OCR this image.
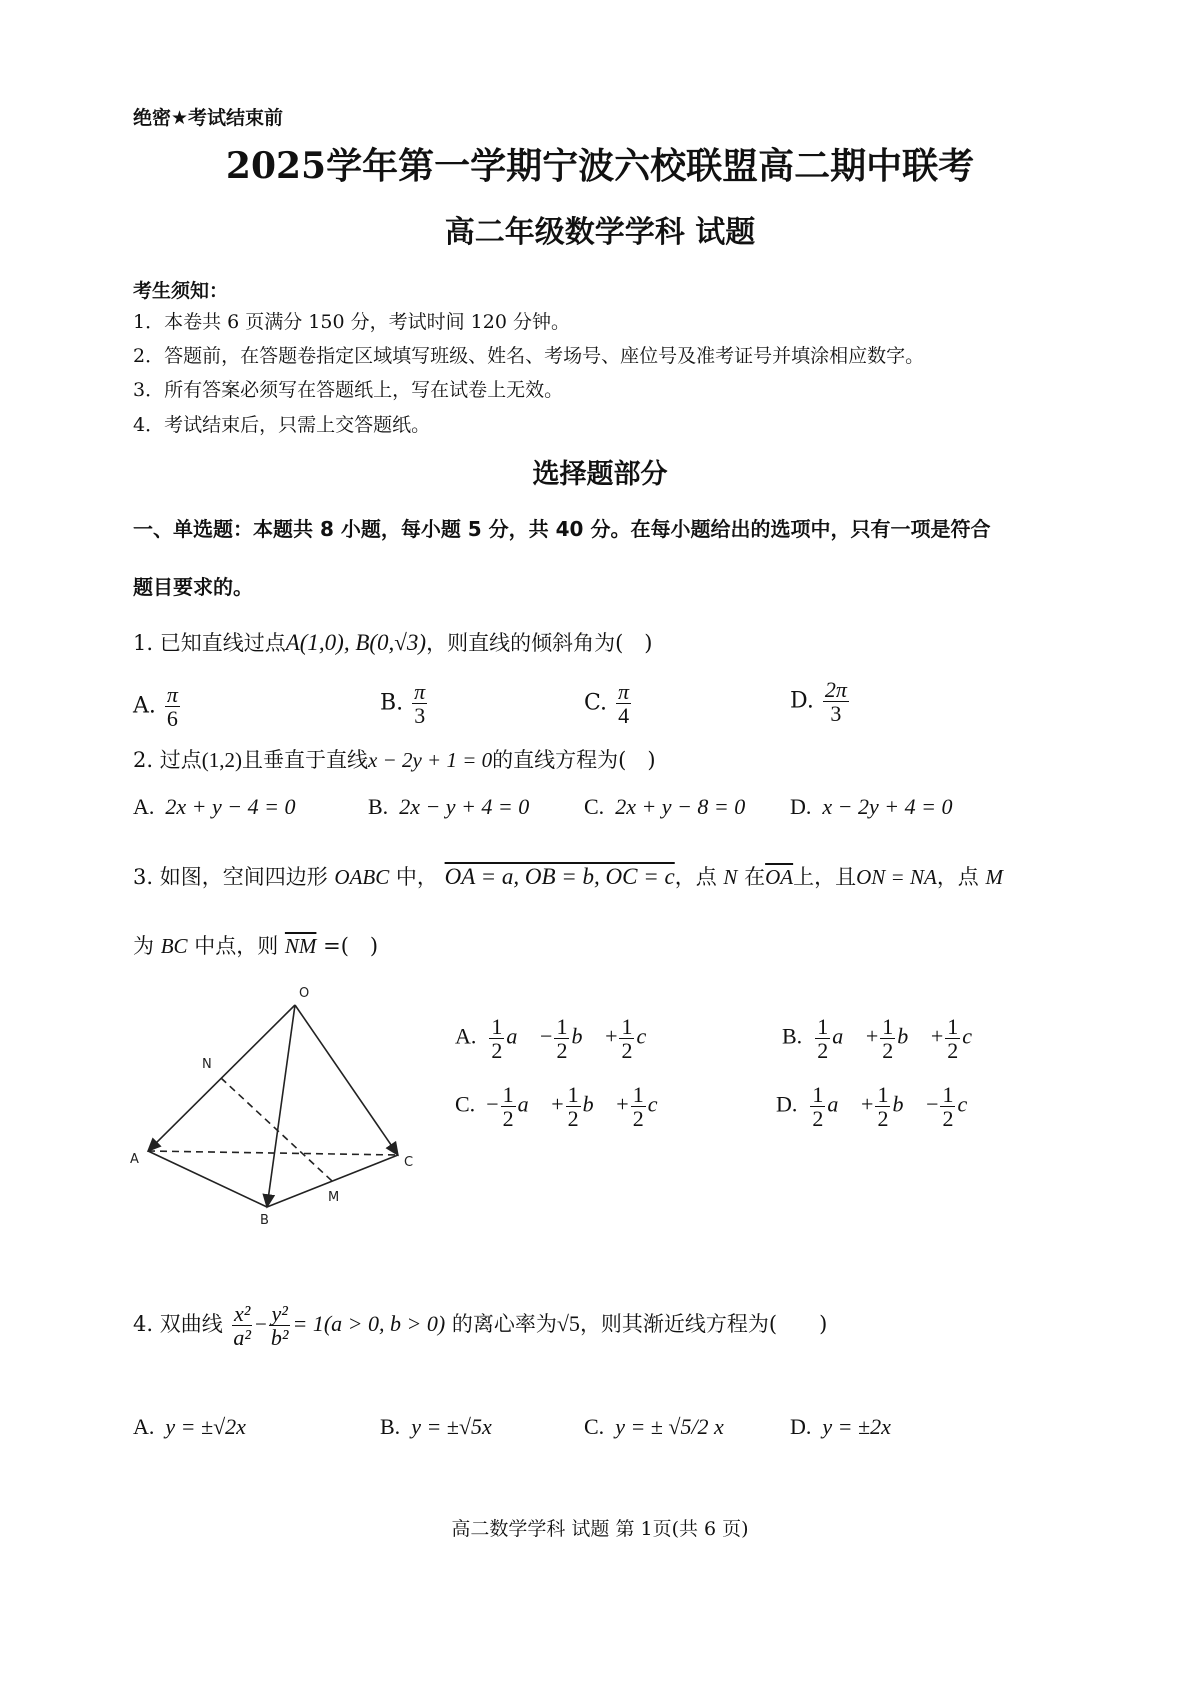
绝密★考试结束前
2025学年第一学期宁波六校联盟高二期中联考
高二年级数学学科 试题
考生须知：
1．本卷共 6 页满分 150 分，考试时间 120 分钟。
2．答题前，在答题卷指定区域填写班级、姓名、考场号、座位号及准考证号并填涂相应数字。
3．所有答案必须写在答题纸上，写在试卷上无效。
4．考试结束后，只需上交答题纸。
选择题部分
一、单选题：本题共 8 小题，每小题 5 分，共 40 分。在每小题给出的选项中，只有一项是符合
题目要求的。
1. 已知直线过点A(1,0), B(0,√3)，则直线的倾斜角为(　)
A. $\frac{\pi}{6}$	B. $\frac{\pi}{3}$	C. $\frac{\pi}{4}$	D. $\frac{2\pi}{3}$
2. 过点(1,2)且垂直于直线x − 2y + 1 = 0的直线方程为(　)
A. 2x + y − 4 = 0	B. 2x − y + 4 = 0 C. 2x + y − 8 = 0 D. x − 2y + 4 = 0
3. 如图，空间四边形 OABC 中， OA = a, OB = b, OC = c，点 N 在$\overline{OA}$上，且ON = NA，点 M
为 BC 中点，则 $\overline{NM}$ =(　)
O
N
A	C
M
B
A. $\frac{1}{2}$ a⃗ − $\frac{1}{2}$ b⃗ + $\frac{1}{2}$ c⃗	B. $\frac{1}{2}$ a⃗ + $\frac{1}{2}$ b⃗ + $\frac{1}{2}$ c⃗
C. − $\frac{1}{2}$ a⃗ + $\frac{1}{2}$ b⃗ + $\frac{1}{2}$ c⃗	D. $\frac{1}{2}$ a⃗ + $\frac{1}{2}$ b⃗ − $\frac{1}{2}$ c⃗
4. 双曲线 $\frac{\text{x²}}{\text{a²}} - \frac{\text{y²}}{\text{b²}} = 1(a > 0$, b > 0) 的离心率为√5，则其渐近线方程为(　　)
A. y = ±√2x	B. y = ±√5x	C. y = ± √5/2 x	D. y = ±2x
高二数学学科 试题 第 1页(共 6 页)
